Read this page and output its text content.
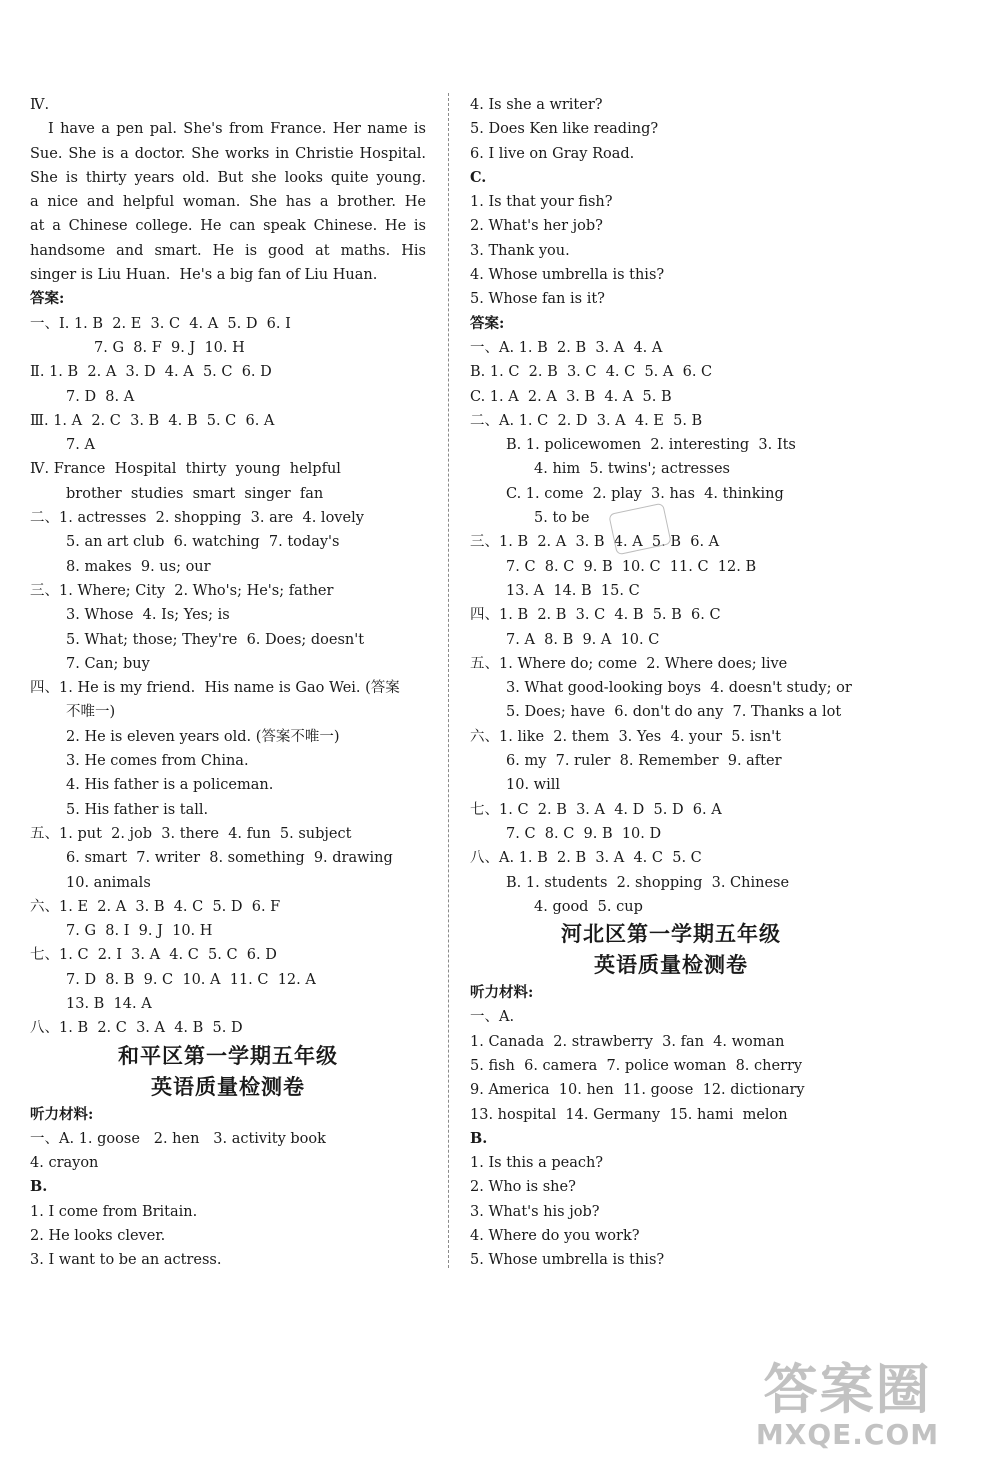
Ⅳ.
I have a pen pal. She's from France. Her name is
Sue. She is a doctor. She works in Christie Hospital.
She is thirty years old. But she looks quite young.
a nice and helpful woman. She has a brother. He
at a Chinese college. He can speak Chinese. He is
handsome and smart. He is good at maths. His
singer is Liu Huan.  He's a big fan of Liu Huan.
答案:
一、Ⅰ. 1. B  2. E  3. C  4. A  5. D  6. I
7. G  8. F  9. J  10. H
Ⅱ. 1. B  2. A  3. D  4. A  5. C  6. D
7. D  8. A
Ⅲ. 1. A  2. C  3. B  4. B  5. C  6. A
7. A
Ⅳ. France  Hospital  thirty  young  helpful
brother  studies  smart  singer  fan
二、1. actresses  2. shopping  3. are  4. lovely
5. an art club  6. watching  7. today's
8. makes  9. us; our
三、1. Where; City  2. Who's; He's; father
3. Whose  4. Is; Yes; is
5. What; those; They're  6. Does; doesn't
7. Can; buy
四、1. He is my friend.  His name is Gao Wei. (答案
不唯一)
2. He is eleven years old. (答案不唯一)
3. He comes from China.
4. His father is a policeman.
5. His father is tall.
五、1. put  2. job  3. there  4. fun  5. subject
6. smart  7. writer  8. something  9. drawing
10. animals
六、1. E  2. A  3. B  4. C  5. D  6. F
7. G  8. I  9. J  10. H
七、1. C  2. I  3. A  4. C  5. C  6. D
7. D  8. B  9. C  10. A  11. C  12. A
13. B  14. A
八、1. B  2. C  3. A  4. B  5. D
和平区第一学期五年级
英语质量检测卷
听力材料:
一、A. 1. goose   2. hen   3. activity book
4. crayon
B.
1. I come from Britain.
2. He looks clever.
3. I want to be an actress.
4. Is she a writer?
5. Does Ken like reading?
6. I live on Gray Road.
C.
1. Is that your fish?
2. What's her job?
3. Thank you.
4. Whose umbrella is this?
5. Whose fan is it?
答案:
一、A. 1. B  2. B  3. A  4. A
B. 1. C  2. B  3. C  4. C  5. A  6. C
C. 1. A  2. A  3. B  4. A  5. B
二、A. 1. C  2. D  3. A  4. E  5. B
B. 1. policewomen  2. interesting  3. Its
4. him  5. twins'; actresses
C. 1. come  2. play  3. has  4. thinking
5. to be
三、1. B  2. A  3. B  4. A  5. B  6. A
7. C  8. C  9. B  10. C  11. C  12. B
13. A  14. B  15. C
四、1. B  2. B  3. C  4. B  5. B  6. C
7. A  8. B  9. A  10. C
五、1. Where do; come  2. Where does; live
3. What good-looking boys  4. doesn't study; or
5. Does; have  6. don't do any  7. Thanks a lot
六、1. like  2. them  3. Yes  4. your  5. isn't
6. my  7. ruler  8. Remember  9. after
10. will
七、1. C  2. B  3. A  4. D  5. D  6. A
7. C  8. C  9. B  10. D
八、A. 1. B  2. B  3. A  4. C  5. C
B. 1. students  2. shopping  3. Chinese
4. good  5. cup
河北区第一学期五年级
英语质量检测卷
听力材料:
一、A.
1. Canada  2. strawberry  3. fan  4. woman
5. fish  6. camera  7. police woman  8. cherry
9. America  10. hen  11. goose  12. dictionary
13. hospital  14. Germany  15. hami  melon
B.
1. Is this a peach?
2. Who is she?
3. What's his job?
4. Where do you work?
5. Whose umbrella is this?
答案圈
MXQE.COM
